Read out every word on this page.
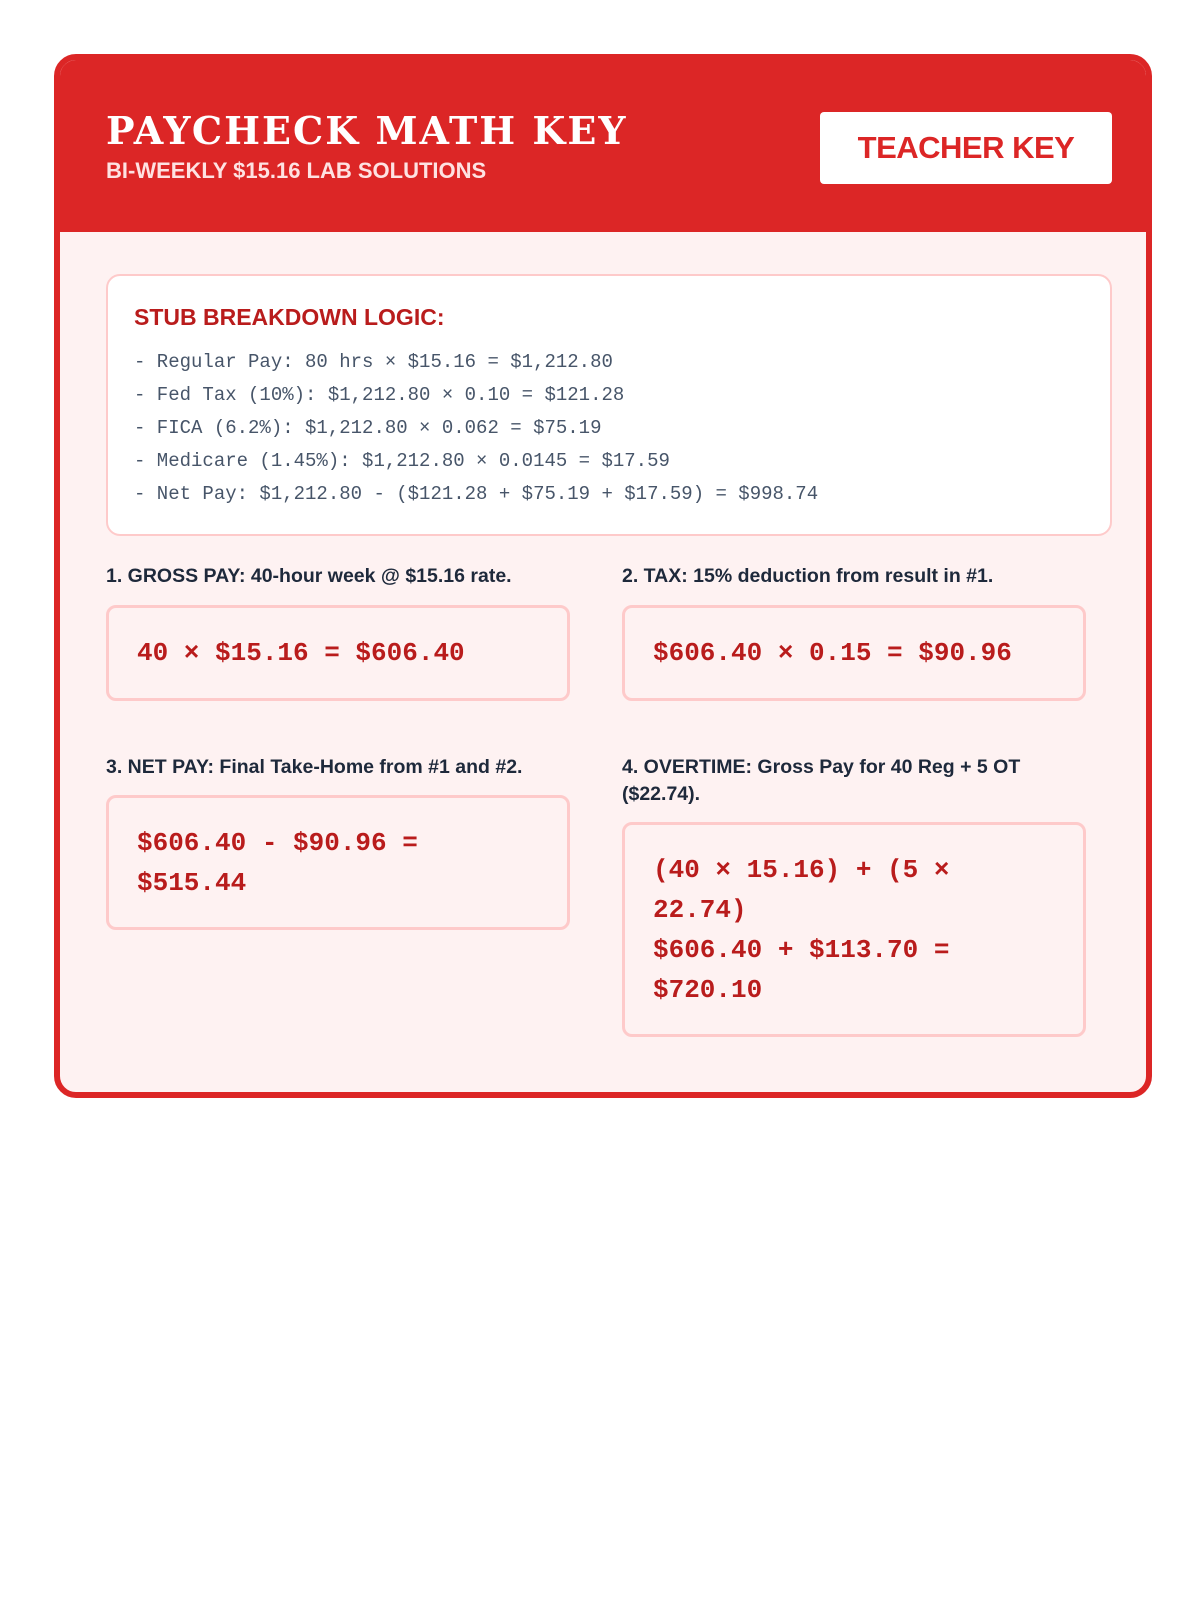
PAYCHECK MATH KEY
BI-WEEKLY $15.16 LAB SOLUTIONS
TEACHER KEY
STUB BREAKDOWN LOGIC:
- Regular Pay: 80 hrs × $15.16 = $1,212.80
- Fed Tax (10%): $1,212.80 × 0.10 = $121.28
- FICA (6.2%): $1,212.80 × 0.062 = $75.19
- Medicare (1.45%): $1,212.80 × 0.0145 = $17.59
- Net Pay: $1,212.80 - ($121.28 + $75.19 + $17.59) = $998.74
1. GROSS PAY: 40-hour week @ $15.16 rate.
40 × $15.16 = $606.40
2. TAX: 15% deduction from result in #1.
$606.40 × 0.15 = $90.96
3. NET PAY: Final Take-Home from #1 and #2.
$606.40 - $90.96 =
$515.44
4. OVERTIME: Gross Pay for 40 Reg + 5 OT ($22.74).
(40 × 15.16) + (5 ×
22.74)
$606.40 + $113.70 =
$720.10
